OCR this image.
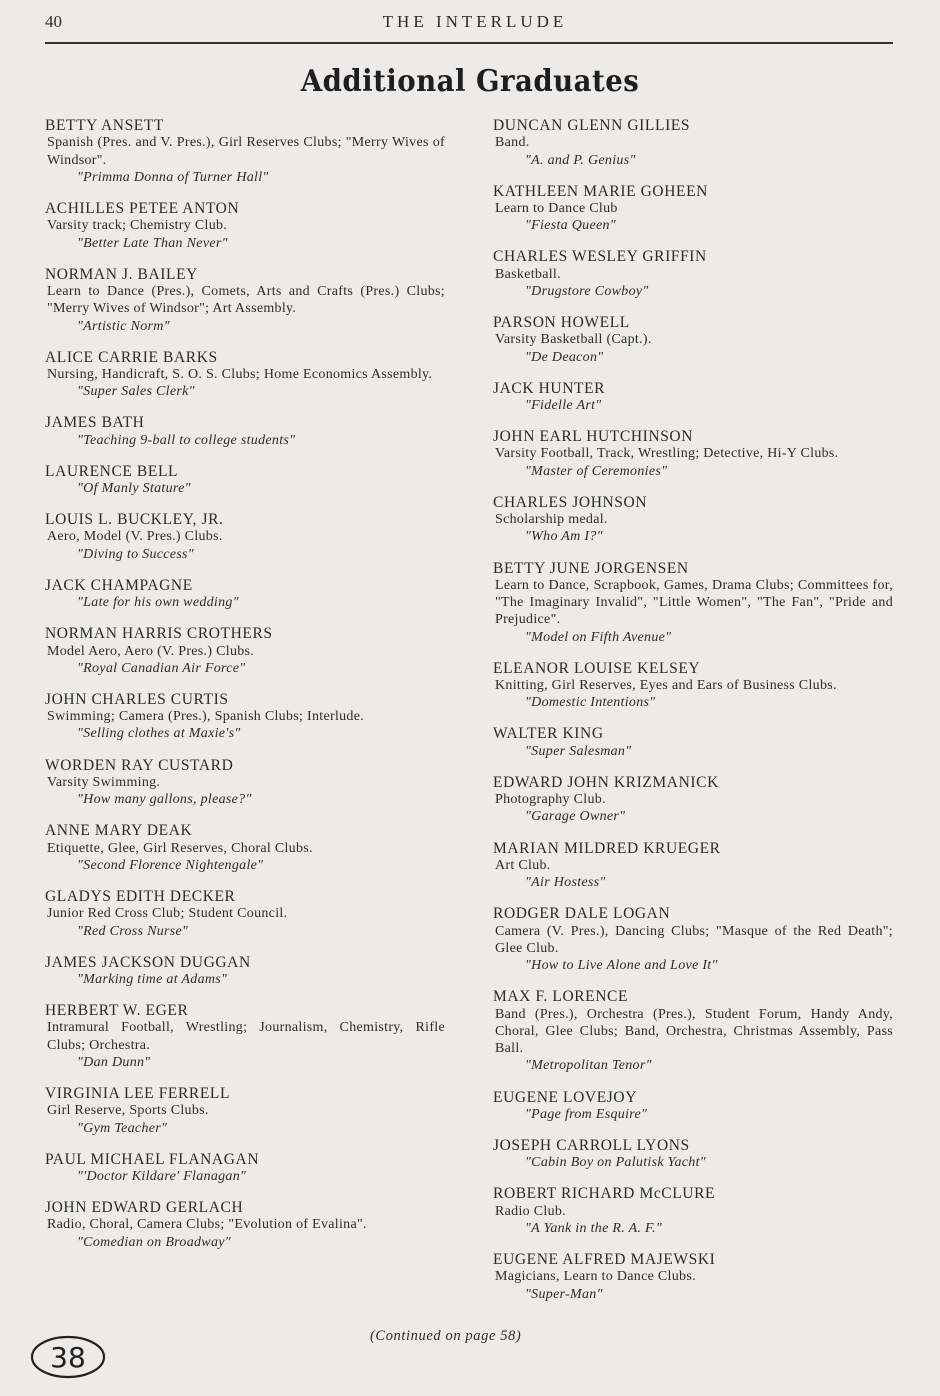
40	THE INTERLUDE
Additional Graduates
BETTY ANSETT
Spanish (Pres. and V. Pres.), Girl Reserves Clubs; "Merry Wives of Windsor".
"Primma Donna of Turner Hall"
ACHILLES PETEE ANTON
Varsity track; Chemistry Club.
"Better Late Than Never"
NORMAN J. BAILEY
Learn to Dance (Pres.), Comets, Arts and Crafts (Pres.) Clubs; "Merry Wives of Windsor"; Art Assembly.
"Artistic Norm"
ALICE CARRIE BARKS
Nursing, Handicraft, S. O. S. Clubs; Home Economics Assembly.
"Super Sales Clerk"
JAMES BATH
"Teaching 9-ball to college students"
LAURENCE BELL
"Of Manly Stature"
LOUIS L. BUCKLEY, JR.
Aero, Model (V. Pres.) Clubs.
"Diving to Success"
JACK CHAMPAGNE
"Late for his own wedding"
NORMAN HARRIS CROTHERS
Model Aero, Aero (V. Pres.) Clubs.
"Royal Canadian Air Force"
JOHN CHARLES CURTIS
Swimming; Camera (Pres.), Spanish Clubs; Interlude.
"Selling clothes at Maxie's"
WORDEN RAY CUSTARD
Varsity Swimming.
"How many gallons, please?"
ANNE MARY DEAK
Etiquette, Glee, Girl Reserves, Choral Clubs.
"Second Florence Nightengale"
GLADYS EDITH DECKER
Junior Red Cross Club; Student Council.
"Red Cross Nurse"
JAMES JACKSON DUGGAN
"Marking time at Adams"
HERBERT W. EGER
Intramural Football, Wrestling; Journalism, Chemistry, Rifle Clubs; Orchestra.
"Dan Dunn"
VIRGINIA LEE FERRELL
Girl Reserve, Sports Clubs.
"Gym Teacher"
PAUL MICHAEL FLANAGAN
"'Doctor Kildare' Flanagan"
JOHN EDWARD GERLACH
Radio, Choral, Camera Clubs; "Evolution of Evalina".
"Comedian on Broadway"
DUNCAN GLENN GILLIES
Band.
"A. and P. Genius"
KATHLEEN MARIE GOHEEN
Learn to Dance Club
"Fiesta Queen"
CHARLES WESLEY GRIFFIN
Basketball.
"Drugstore Cowboy"
PARSON HOWELL
Varsity Basketball (Capt.).
"De Deacon"
JACK HUNTER
"Fidelle Art"
JOHN EARL HUTCHINSON
Varsity Football, Track, Wrestling; Detective, Hi-Y Clubs.
"Master of Ceremonies"
CHARLES JOHNSON
Scholarship medal.
"Who Am I?"
BETTY JUNE JORGENSEN
Learn to Dance, Scrapbook, Games, Drama Clubs; Committees for, "The Imaginary Invalid", "Little Women", "The Fan", "Pride and Prejudice".
"Model on Fifth Avenue"
ELEANOR LOUISE KELSEY
Knitting, Girl Reserves, Eyes and Ears of Business Clubs.
"Domestic Intentions"
WALTER KING
"Super Salesman"
EDWARD JOHN KRIZMANICK
Photography Club.
"Garage Owner"
MARIAN MILDRED KRUEGER
Art Club.
"Air Hostess"
RODGER DALE LOGAN
Camera (V. Pres.), Dancing Clubs; "Masque of the Red Death"; Glee Club.
"How to Live Alone and Love It"
MAX F. LORENCE
Band (Pres.), Orchestra (Pres.), Student Forum, Handy Andy, Choral, Glee Clubs; Band, Orchestra, Christmas Assembly, Pass Ball.
"Metropolitan Tenor"
EUGENE LOVEJOY
"Page from Esquire"
JOSEPH CARROLL LYONS
"Cabin Boy on Palutisk Yacht"
ROBERT RICHARD McCLURE
Radio Club.
"A Yank in the R. A. F."
EUGENE ALFRED MAJEWSKI
Magicians, Learn to Dance Clubs.
"Super-Man"
(Continued on page 58)
38
